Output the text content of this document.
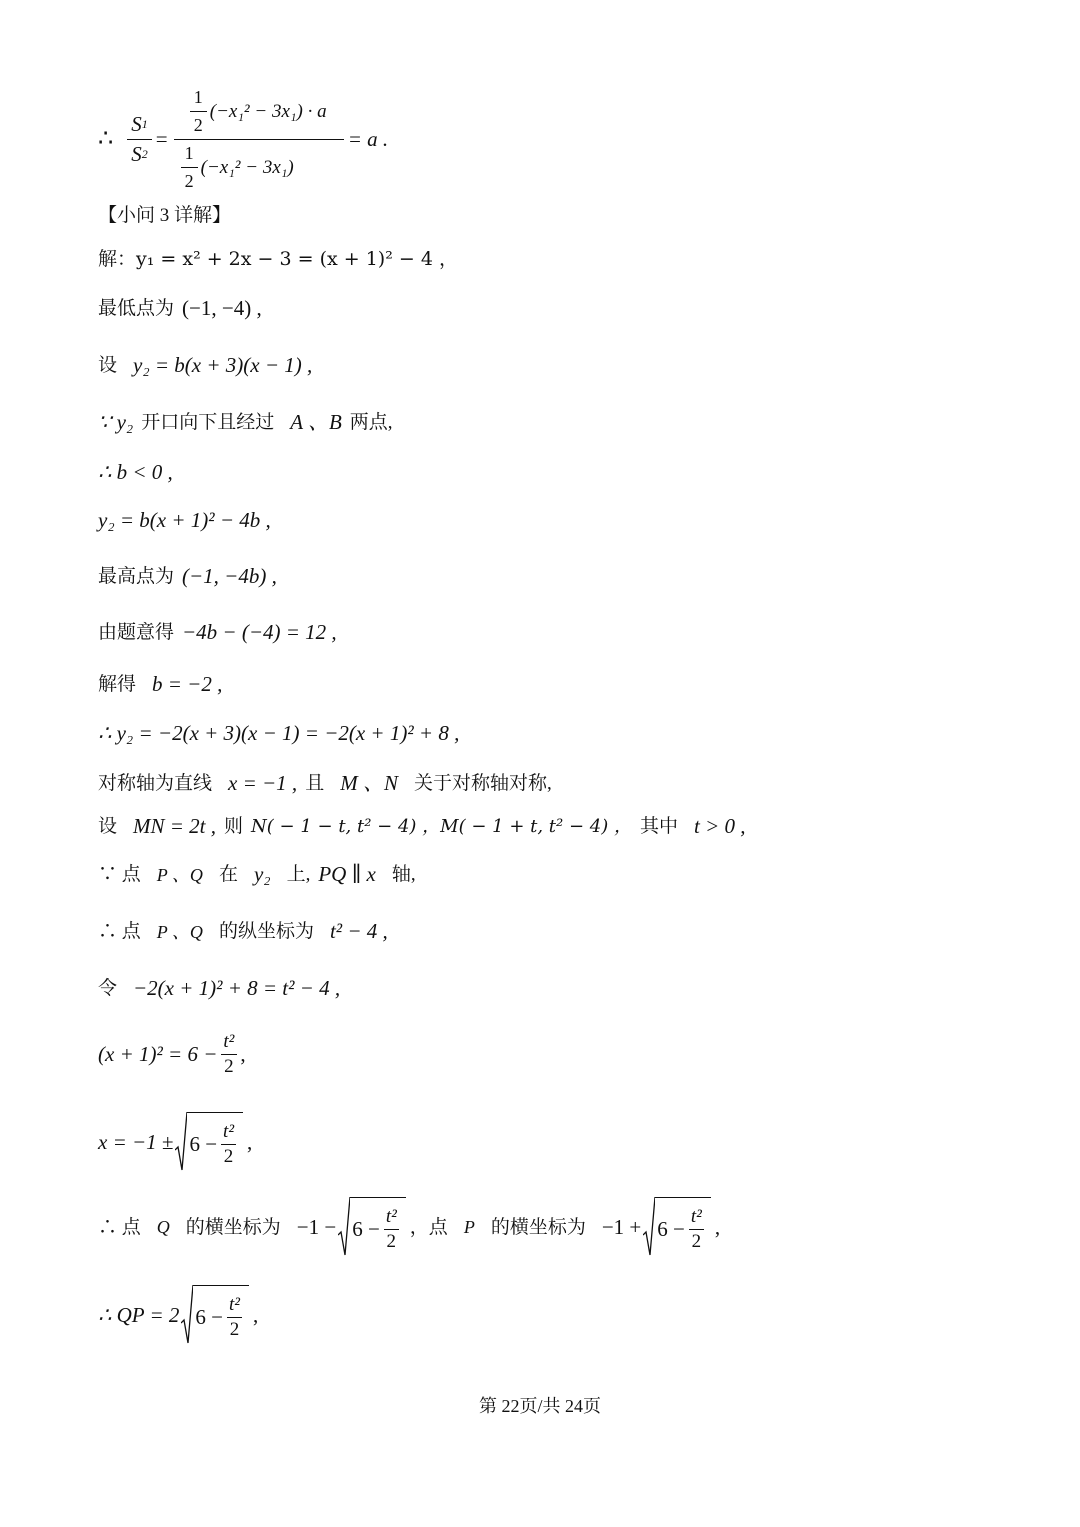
∴ $\frac{S 1}{S 2} = \frac{\frac{1}{2} (-x_1^2 - 3x_1) \cdot a}{\frac{1}{2} (-x_1^2 - 3x_1)} = a$ .
【小问 3 详解】
解：y₁ = x² + 2x − 3 = (x + 1)² − 4 ，
最低点为 (−1, −4) ,
设 y₂ = b(x + 3)(x − 1) ,
∵ y₂ 开口向下且经过 A 、B 两点,
∴ b < 0 ,
y₂ = b(x + 1)² − 4b ,
最高点为 (−1, −4b) ,
由题意得 −4b − (−4) = 12 ,
解得 b = −2 ,
∴ y₂ = −2(x + 3)(x − 1) = −2(x + 1)² + 8 ,
对称轴为直线 x = −1 , 且 M 、N 关于对称轴对称,
设 MN = 2t , 则 N( − 1 − t, t² − 4) ，M( − 1 + t, t² − 4) ， 其中 t > 0 ,
∵ 点 P 、Q 在 y₂ 上, PQ ∥ x 轴,
∴ 点 P 、Q 的纵坐标为 t² − 4 ,
令 −2(x + 1)² + 8 = t² − 4 ,
$(x + 1)^2 = 6 - \frac{\text{t²}}{2}$ ,
$x = -1 \pm 6 - \frac{\text{t²}}{2}$ ,
∴ 点 Q 的横坐标为 $-1 - 6 - \frac{\text{t²}}{2}$ ，点 P 的横坐标为 $-1 + 6 - \frac{\text{t²}}{2}$ ,
∴ QP = 2 $6 - \frac{\text{t²}}{2}$ ,
第 22页/共 24页
